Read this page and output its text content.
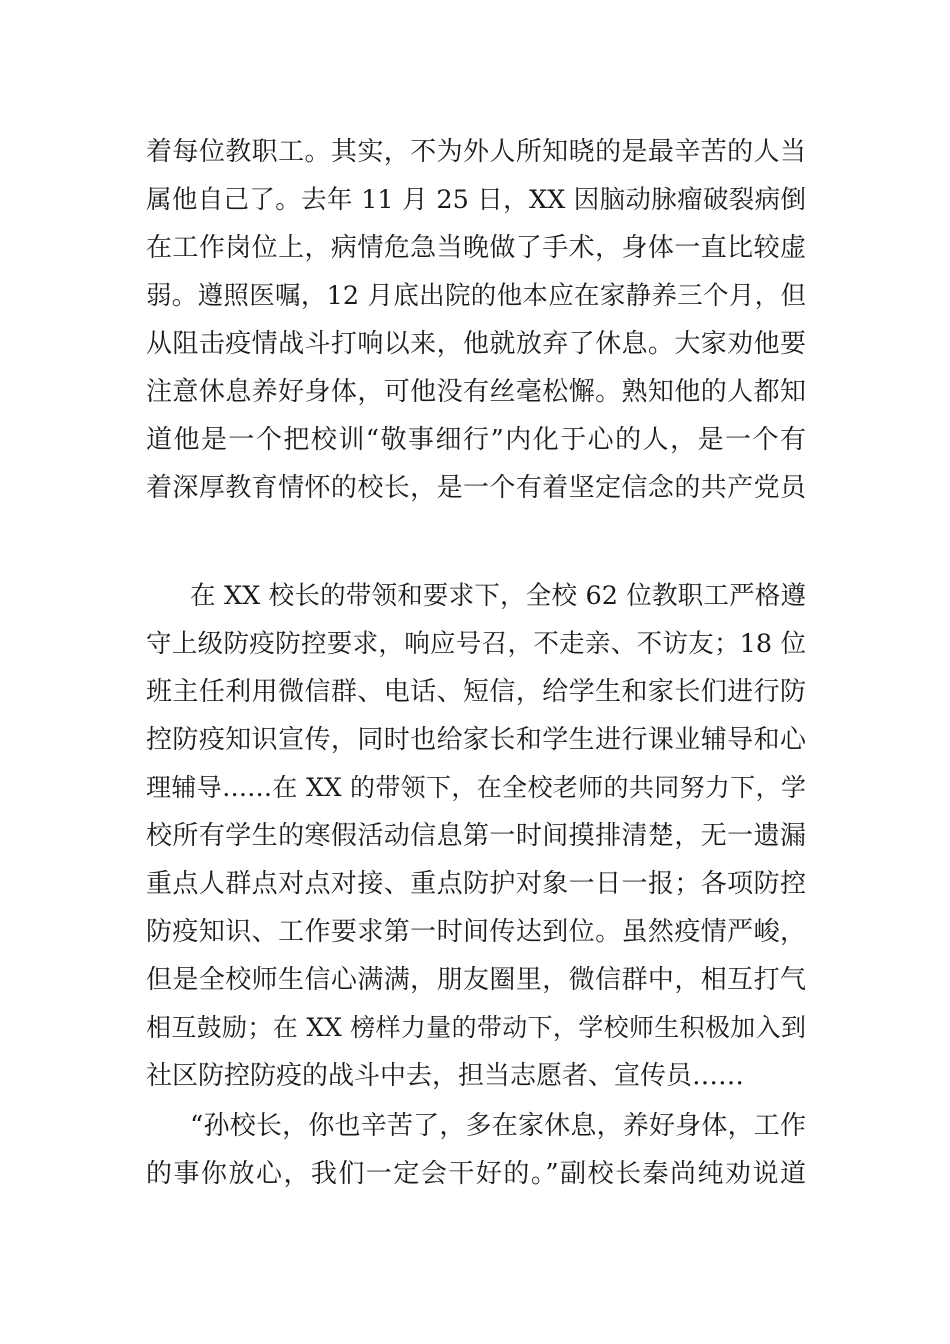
着每位教职工。其实，不为外人所知晓的是最辛苦的人当
属他自己了。去年 11 月 25 日，XX 因脑动脉瘤破裂病倒
在工作岗位上，病情危急当晚做了手术，身体一直比较虚
弱。遵照医嘱，12 月底出院的他本应在家静养三个月，但
从阻击疫情战斗打响以来，他就放弃了休息。大家劝他要
注意休息养好身体，可他没有丝毫松懈。熟知他的人都知
道他是一个把校训“敬事细行”内化于心的人，是一个有
着深厚教育情怀的校长，是一个有着坚定信念的共产党员
在 XX 校长的带领和要求下，全校 62 位教职工严格遵
守上级防疫防控要求，响应号召，不走亲、不访友；18 位
班主任利用微信群、电话、短信，给学生和家长们进行防
控防疫知识宣传，同时也给家长和学生进行课业辅导和心
理辅导……在 XX 的带领下，在全校老师的共同努力下，学
校所有学生的寒假活动信息第一时间摸排清楚，无一遗漏
重点人群点对点对接、重点防护对象一日一报；各项防控
防疫知识、工作要求第一时间传达到位。虽然疫情严峻，
但是全校师生信心满满，朋友圈里，微信群中，相互打气
相互鼓励；在 XX 榜样力量的带动下，学校师生积极加入到
社区防控防疫的战斗中去，担当志愿者、宣传员……
“孙校长，你也辛苦了，多在家休息，养好身体，工作
的事你放心，我们一定会干好的。”副校长秦尚纯劝说道
